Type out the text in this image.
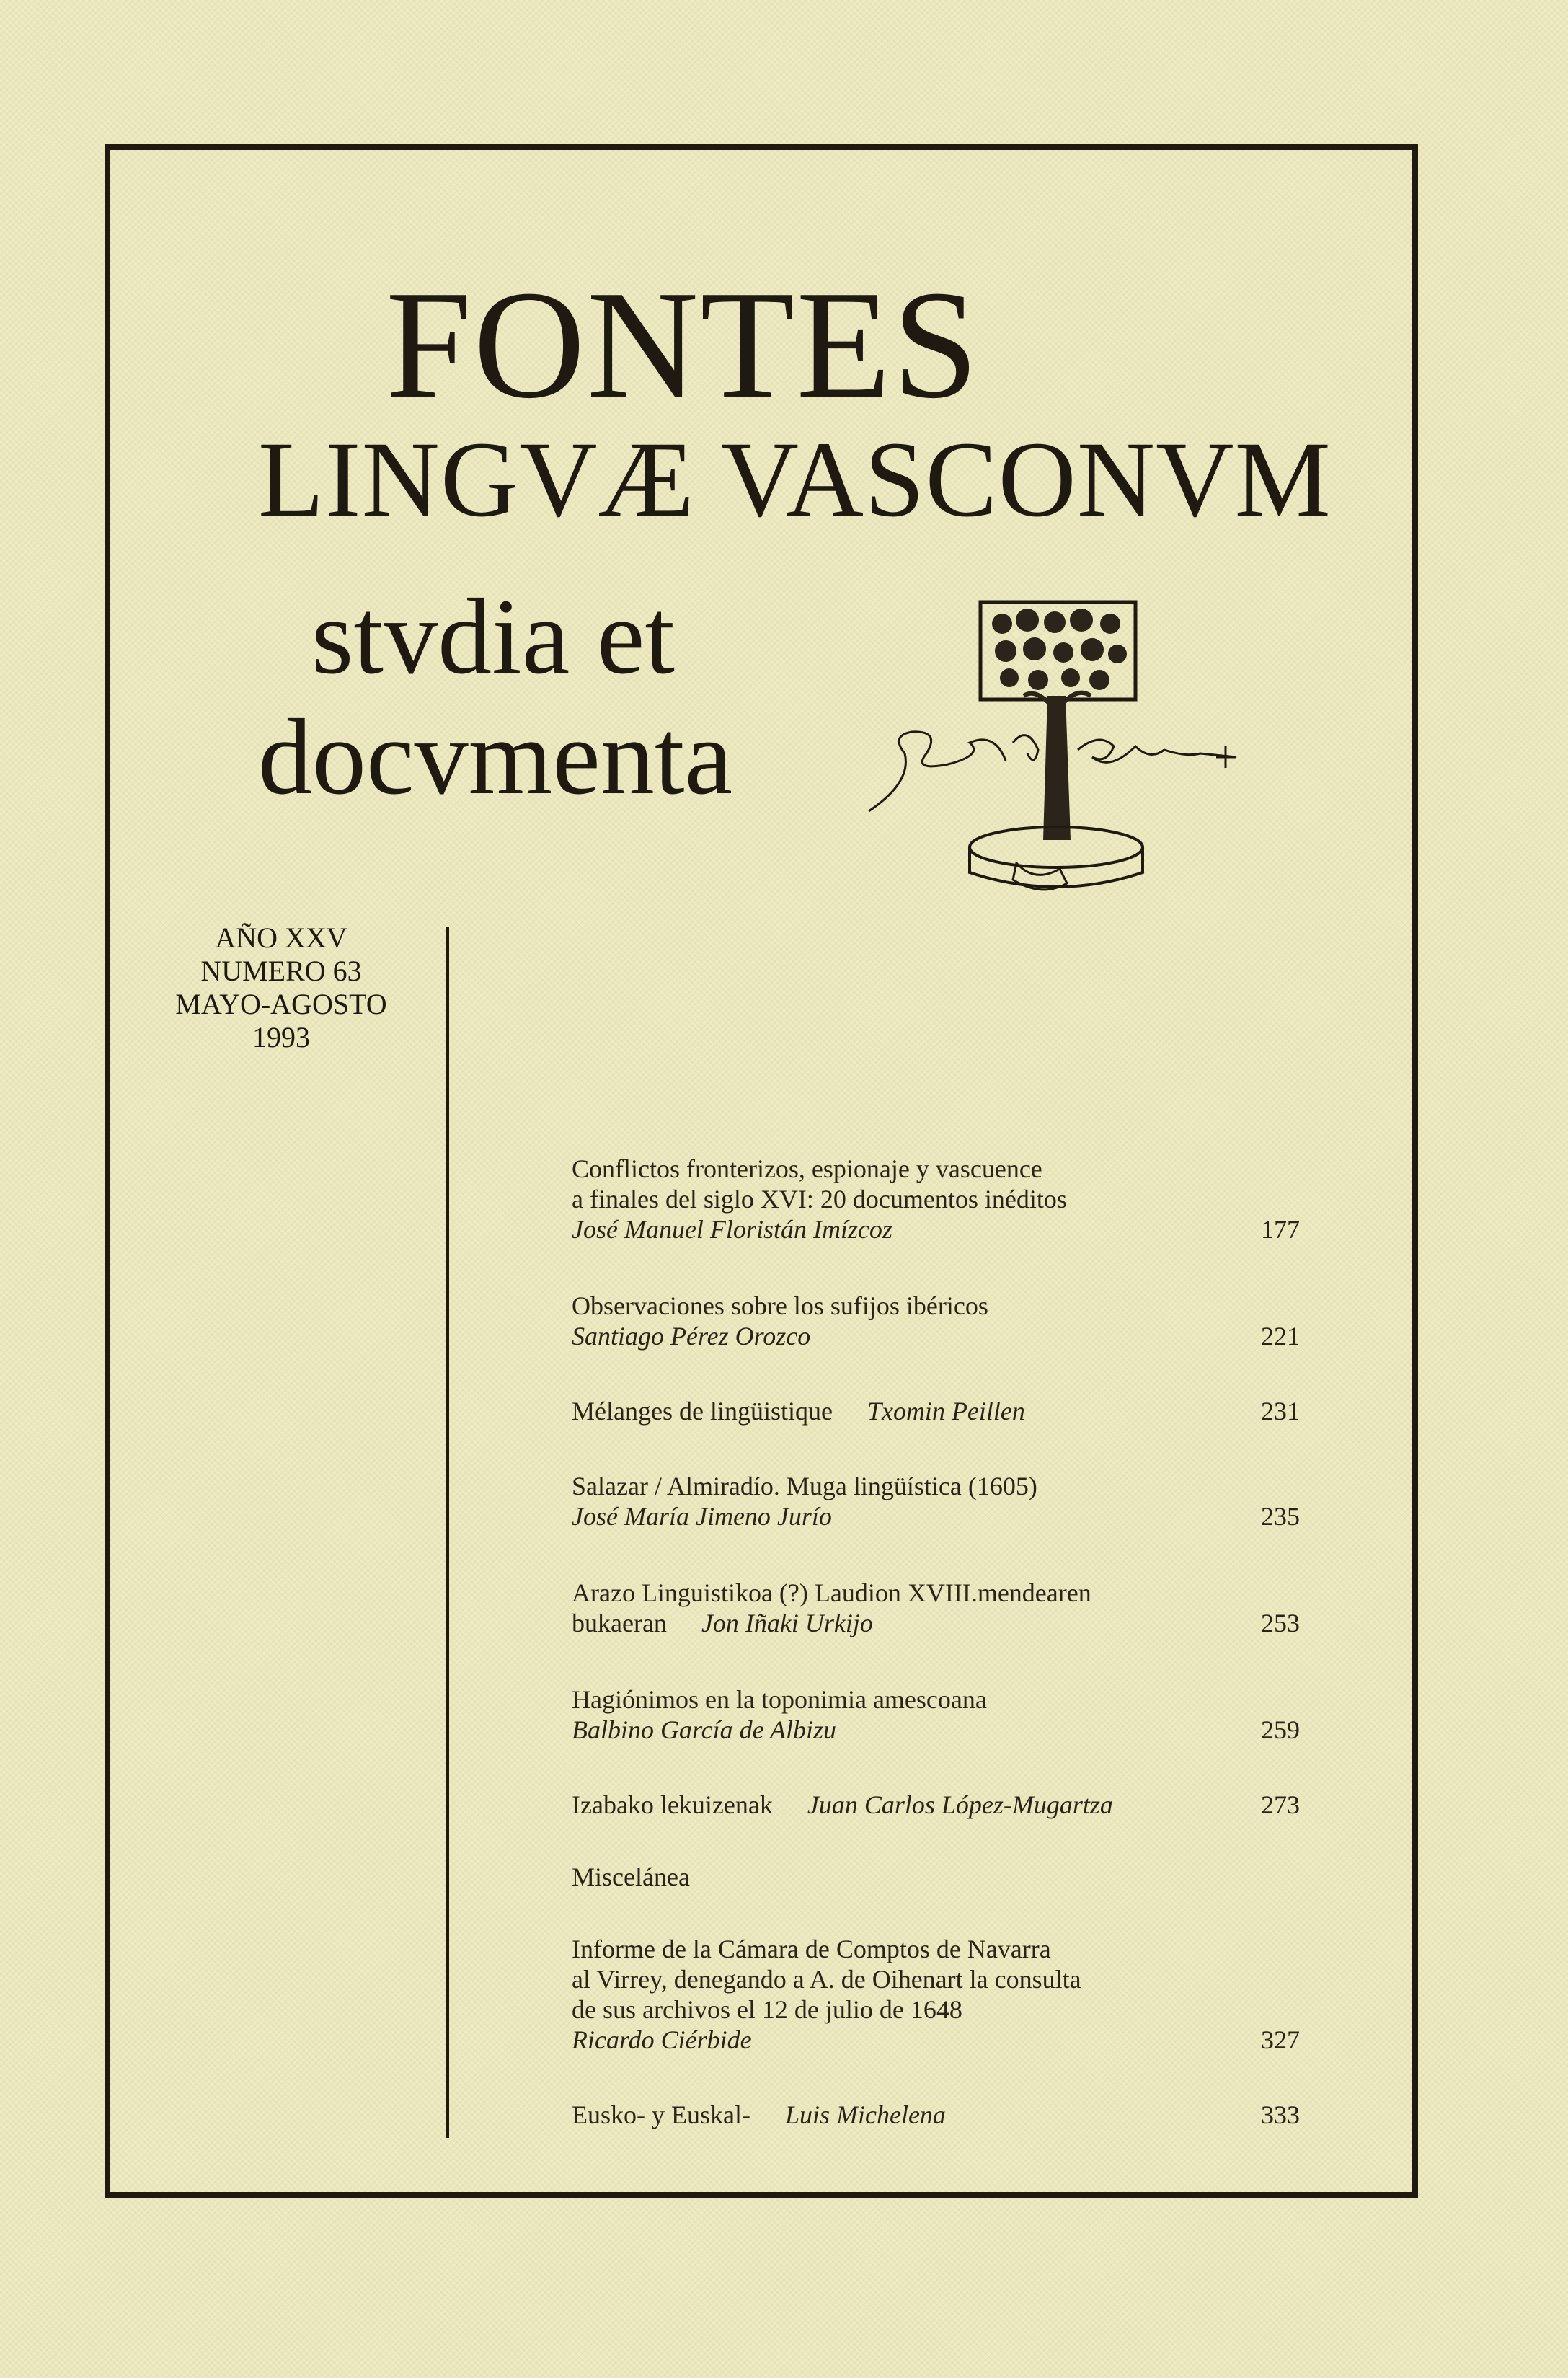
FONTES
LINGVÆ VASCONVM
stvdia et
docvmenta
AÑO XXV
NUMERO 63
MAYO-AGOSTO
1993
Conflictos fronterizos, espionaje y vascuence
a finales del siglo XVI: 20 documentos inéditos
José Manuel Floristán Imízcoz	177
Observaciones sobre los sufijos ibéricos
Santiago Pérez Orozco	221
Mélanges de lingüistique Txomin Peillen	231
Salazar / Almiradío. Muga lingüística (1605)
José María Jimeno Jurío	235
Arazo Linguistikoa (?) Laudion XVIII.mendearen
bukaeran Jon Iñaki Urkijo	253
Hagiónimos en la toponimia amescoana
Balbino García de Albizu	259
Izabako lekuizenak Juan Carlos López-Mugartza	273
Miscelánea
Informe de la Cámara de Comptos de Navarra
al Virrey, denegando a A. de Oihenart la consulta
de sus archivos el 12 de julio de 1648
Ricardo Ciérbide	327
Eusko- y Euskal- Luis Michelena	333
